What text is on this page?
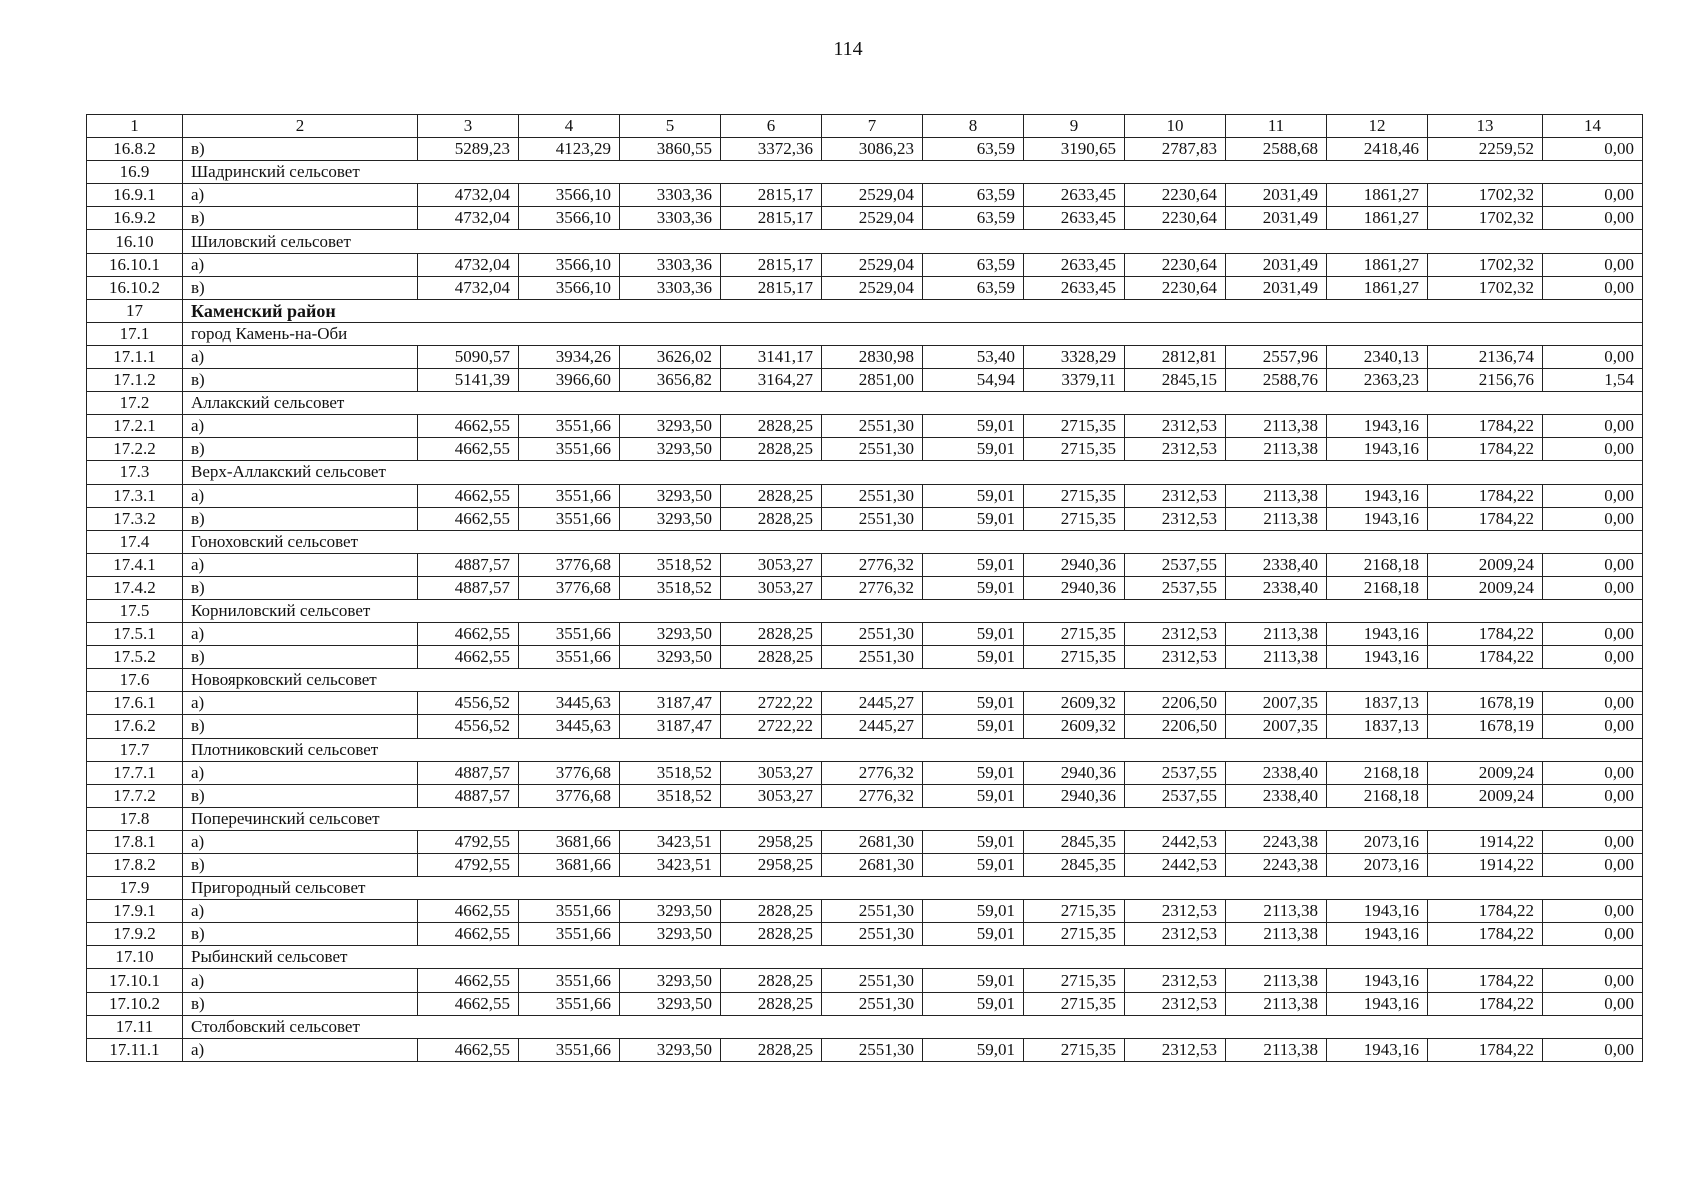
114
1	2	3	4	5	6	7	8	9	10	11	12	13	14
16.8.2	в)	5289,23	4123,29	3860,55	3372,36	3086,23	63,59	3190,65	2787,83	2588,68	2418,46	2259,52	0,00
16.9	Шадринский сельсовет												
16.9.1	а)	4732,04	3566,10	3303,36	2815,17	2529,04	63,59	2633,45	2230,64	2031,49	1861,27	1702,32	0,00
16.9.2	в)	4732,04	3566,10	3303,36	2815,17	2529,04	63,59	2633,45	2230,64	2031,49	1861,27	1702,32	0,00
16.10	Шиловский сельсовет												
16.10.1	а)	4732,04	3566,10	3303,36	2815,17	2529,04	63,59	2633,45	2230,64	2031,49	1861,27	1702,32	0,00
16.10.2	в)	4732,04	3566,10	3303,36	2815,17	2529,04	63,59	2633,45	2230,64	2031,49	1861,27	1702,32	0,00
17	Каменский район												
17.1	город Камень-на-Оби												
17.1.1	а)	5090,57	3934,26	3626,02	3141,17	2830,98	53,40	3328,29	2812,81	2557,96	2340,13	2136,74	0,00
17.1.2	в)	5141,39	3966,60	3656,82	3164,27	2851,00	54,94	3379,11	2845,15	2588,76	2363,23	2156,76	1,54
17.2	Аллакский сельсовет												
17.2.1	а)	4662,55	3551,66	3293,50	2828,25	2551,30	59,01	2715,35	2312,53	2113,38	1943,16	1784,22	0,00
17.2.2	в)	4662,55	3551,66	3293,50	2828,25	2551,30	59,01	2715,35	2312,53	2113,38	1943,16	1784,22	0,00
17.3	Верх-Аллакский сельсовет												
17.3.1	а)	4662,55	3551,66	3293,50	2828,25	2551,30	59,01	2715,35	2312,53	2113,38	1943,16	1784,22	0,00
17.3.2	в)	4662,55	3551,66	3293,50	2828,25	2551,30	59,01	2715,35	2312,53	2113,38	1943,16	1784,22	0,00
17.4	Гоноховский сельсовет												
17.4.1	а)	4887,57	3776,68	3518,52	3053,27	2776,32	59,01	2940,36	2537,55	2338,40	2168,18	2009,24	0,00
17.4.2	в)	4887,57	3776,68	3518,52	3053,27	2776,32	59,01	2940,36	2537,55	2338,40	2168,18	2009,24	0,00
17.5	Корниловский сельсовет												
17.5.1	а)	4662,55	3551,66	3293,50	2828,25	2551,30	59,01	2715,35	2312,53	2113,38	1943,16	1784,22	0,00
17.5.2	в)	4662,55	3551,66	3293,50	2828,25	2551,30	59,01	2715,35	2312,53	2113,38	1943,16	1784,22	0,00
17.6	Новоярковский сельсовет												
17.6.1	а)	4556,52	3445,63	3187,47	2722,22	2445,27	59,01	2609,32	2206,50	2007,35	1837,13	1678,19	0,00
17.6.2	в)	4556,52	3445,63	3187,47	2722,22	2445,27	59,01	2609,32	2206,50	2007,35	1837,13	1678,19	0,00
17.7	Плотниковский сельсовет												
17.7.1	а)	4887,57	3776,68	3518,52	3053,27	2776,32	59,01	2940,36	2537,55	2338,40	2168,18	2009,24	0,00
17.7.2	в)	4887,57	3776,68	3518,52	3053,27	2776,32	59,01	2940,36	2537,55	2338,40	2168,18	2009,24	0,00
17.8	Поперечинский сельсовет												
17.8.1	а)	4792,55	3681,66	3423,51	2958,25	2681,30	59,01	2845,35	2442,53	2243,38	2073,16	1914,22	0,00
17.8.2	в)	4792,55	3681,66	3423,51	2958,25	2681,30	59,01	2845,35	2442,53	2243,38	2073,16	1914,22	0,00
17.9	Пригородный сельсовет												
17.9.1	а)	4662,55	3551,66	3293,50	2828,25	2551,30	59,01	2715,35	2312,53	2113,38	1943,16	1784,22	0,00
17.9.2	в)	4662,55	3551,66	3293,50	2828,25	2551,30	59,01	2715,35	2312,53	2113,38	1943,16	1784,22	0,00
17.10	Рыбинский сельсовет												
17.10.1	а)	4662,55	3551,66	3293,50	2828,25	2551,30	59,01	2715,35	2312,53	2113,38	1943,16	1784,22	0,00
17.10.2	в)	4662,55	3551,66	3293,50	2828,25	2551,30	59,01	2715,35	2312,53	2113,38	1943,16	1784,22	0,00
17.11	Столбовский сельсовет												
17.11.1	а)	4662,55	3551,66	3293,50	2828,25	2551,30	59,01	2715,35	2312,53	2113,38	1943,16	1784,22	0,00
